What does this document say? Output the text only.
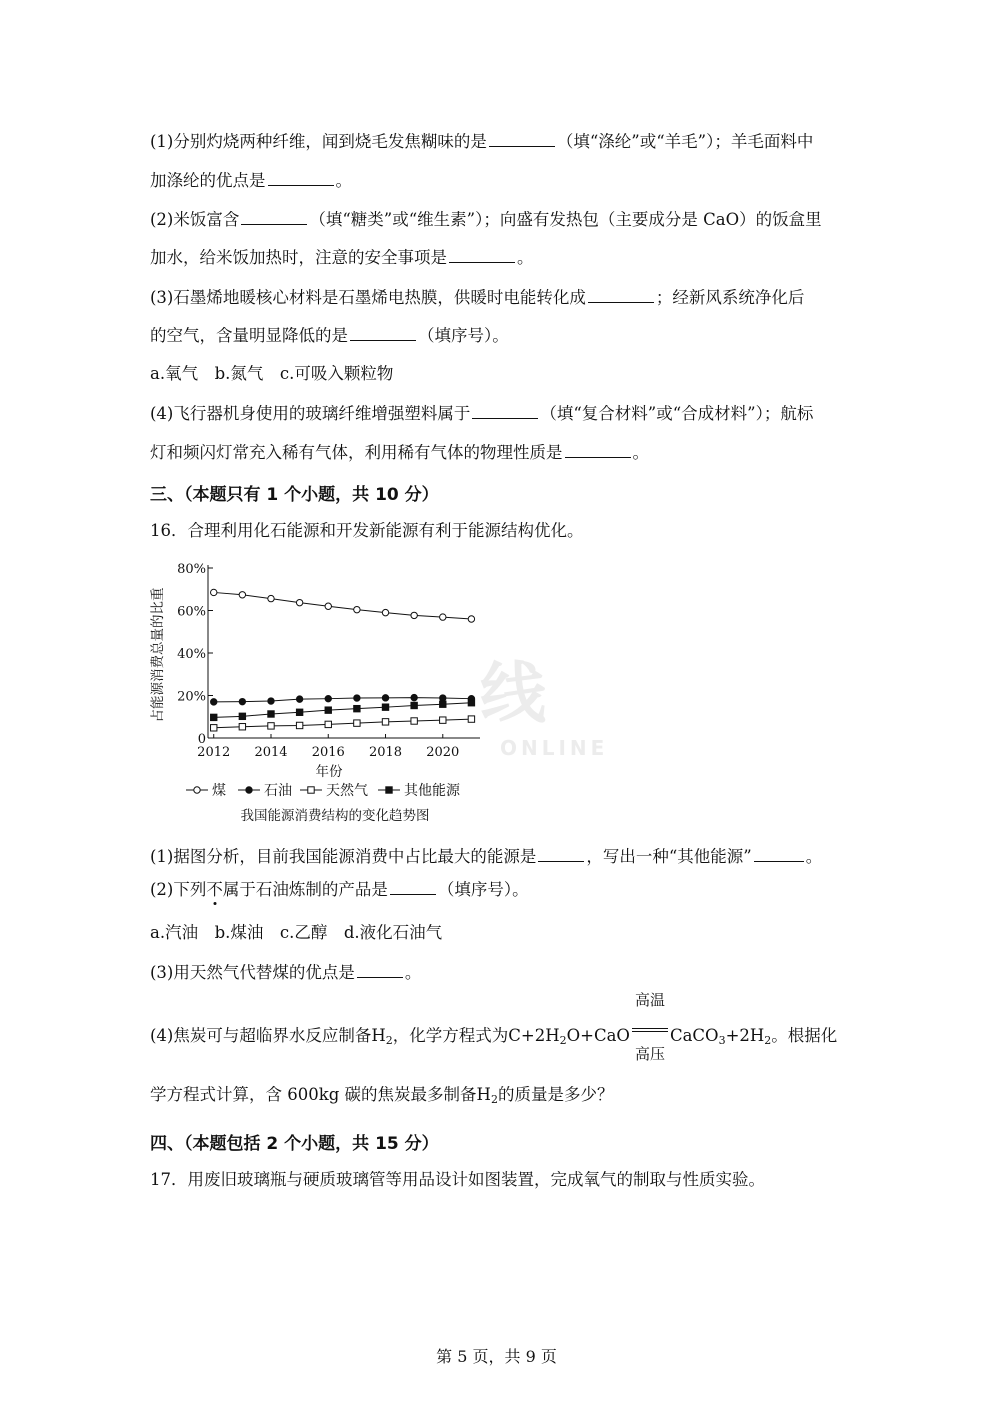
(1)分别灼烧两种纤维，闻到烧毛发焦糊味的是	（填“涤纶”或“羊毛”）；羊毛面料中
加涤纶的优点是	。
(2)米饭富含	（填“糖类”或“维生素”）；向盛有发热包（主要成分是 CaO）的饭盒里
加水，给米饭加热时，注意的安全事项是	。
(3)石墨烯地暖核心材料是石墨烯电热膜，供暖时电能转化成	；经新风系统净化后
的空气，含量明显降低的是	（填序号）。
a.氧气　b.氮气　c.可吸入颗粒物
(4)飞行器机身使用的玻璃纤维增强塑料属于	（填“复合材料”或“合成材料”）；航标
灯和频闪灯常充入稀有气体，利用稀有气体的物理性质是	。
三、（本题只有 1 个小题，共 10 分）
16．合理利用化石能源和开发新能源有利于能源结构优化。
线
ONLINE
0
20%
40%
60%
80%
2012 2014 2016 2018 2020
占能源消费总量的比重
年份
煤	石油 天然气	其他能源
我国能源消费结构的变化趋势图
(1)据图分析，目前我国能源消费中占比最大的能源是	，写出一种“其他能源”	。
(2)下列不属于石油炼制的产品是	（填序号）。
a.汽油　b.煤油　c.乙醇　d.液化石油气
(3)用天然气代替煤的优点是	。
(4)焦炭可与超临界水反应制备$H_2$，化学方程式为$C+2H_2O+CaO$
高温
高压
$CaCO_3+2H_2$。根据化
学方程式计算，含 600kg 碳的焦炭最多制备$H_2$的质量是多少？
四、（本题包括 2 个小题，共 15 分）
17．用废旧玻璃瓶与硬质玻璃管等用品设计如图装置，完成氧气的制取与性质实验。
第 5 页，共 9 页
